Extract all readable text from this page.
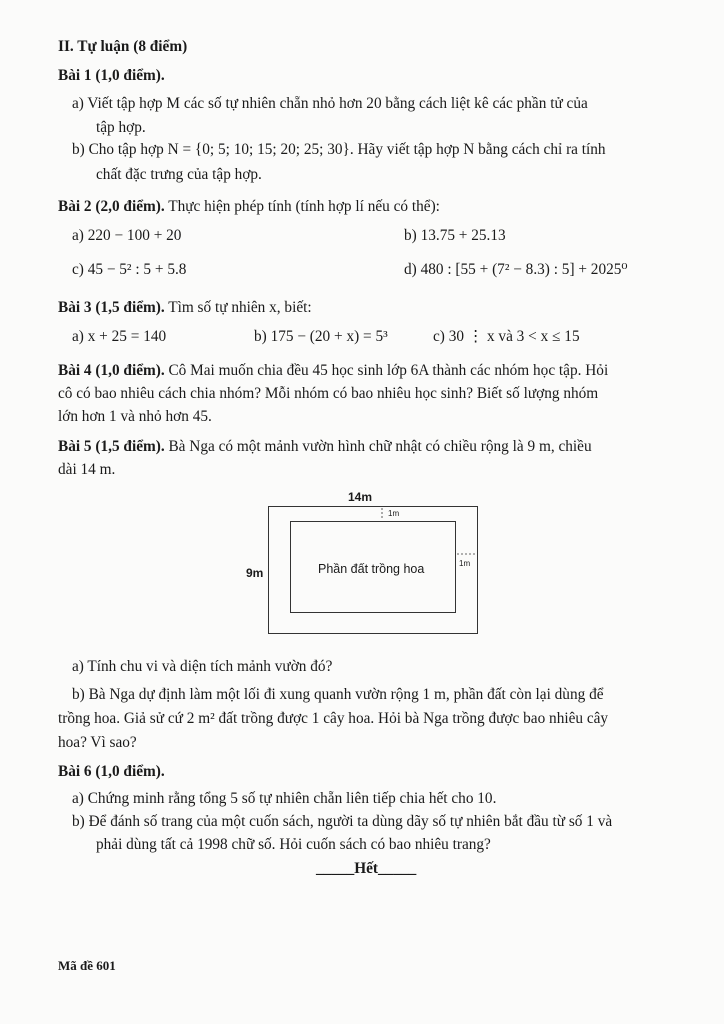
II. Tự luận (8 điểm)
Bài 1 (1,0 điểm).
a) Viết tập hợp M các số tự nhiên chẵn nhỏ hơn 20 bằng cách liệt kê các phần tử của
tập hợp.
b) Cho tập hợp N = {0; 5; 10; 15; 20; 25; 30}. Hãy viết tập hợp N bằng cách chỉ ra tính
chất đặc trưng của tập hợp.
Bài 2 (2,0 điểm). Thực hiện phép tính (tính hợp lí nếu có thể):
a) 220 − 100 + 20	b) 13.75 + 25.13
c) 45 − 5² : 5 + 5.8	d) 480 : [55 + (7² − 8.3) : 5] + 2025⁰
Bài 3 (1,5 điểm). Tìm số tự nhiên x, biết:
a) x + 25 = 140	b) 175 − (20 + x) = 5³	c) 30 ⋮ x và 3 < x ≤ 15
Bài 4 (1,0 điểm). Cô Mai muốn chia đều 45 học sinh lớp 6A thành các nhóm học tập. Hỏi
cô có bao nhiêu cách chia nhóm? Mỗi nhóm có bao nhiêu học sinh? Biết số lượng nhóm
lớn hơn 1 và nhỏ hơn 45.
Bài 5 (1,5 điểm). Bà Nga có một mảnh vườn hình chữ nhật có chiều rộng là 9 m, chiều
dài 14 m.
14m
9m
1m
1m
Phần đất trồng hoa
a) Tính chu vi và diện tích mảnh vườn đó?
b) Bà Nga dự định làm một lối đi xung quanh vườn rộng 1 m, phần đất còn lại dùng để
trồng hoa. Giả sử cứ 2 m² đất trồng được 1 cây hoa. Hỏi bà Nga trồng được bao nhiêu cây
hoa? Vì sao?
Bài 6 (1,0 điểm).
a) Chứng minh rằng tổng 5 số tự nhiên chẵn liên tiếp chia hết cho 10.
b) Để đánh số trang của một cuốn sách, người ta dùng dãy số tự nhiên bắt đầu từ số 1 và
phải dùng tất cả 1998 chữ số. Hỏi cuốn sách có bao nhiêu trang?
_____Hết_____
Mã đề 601
